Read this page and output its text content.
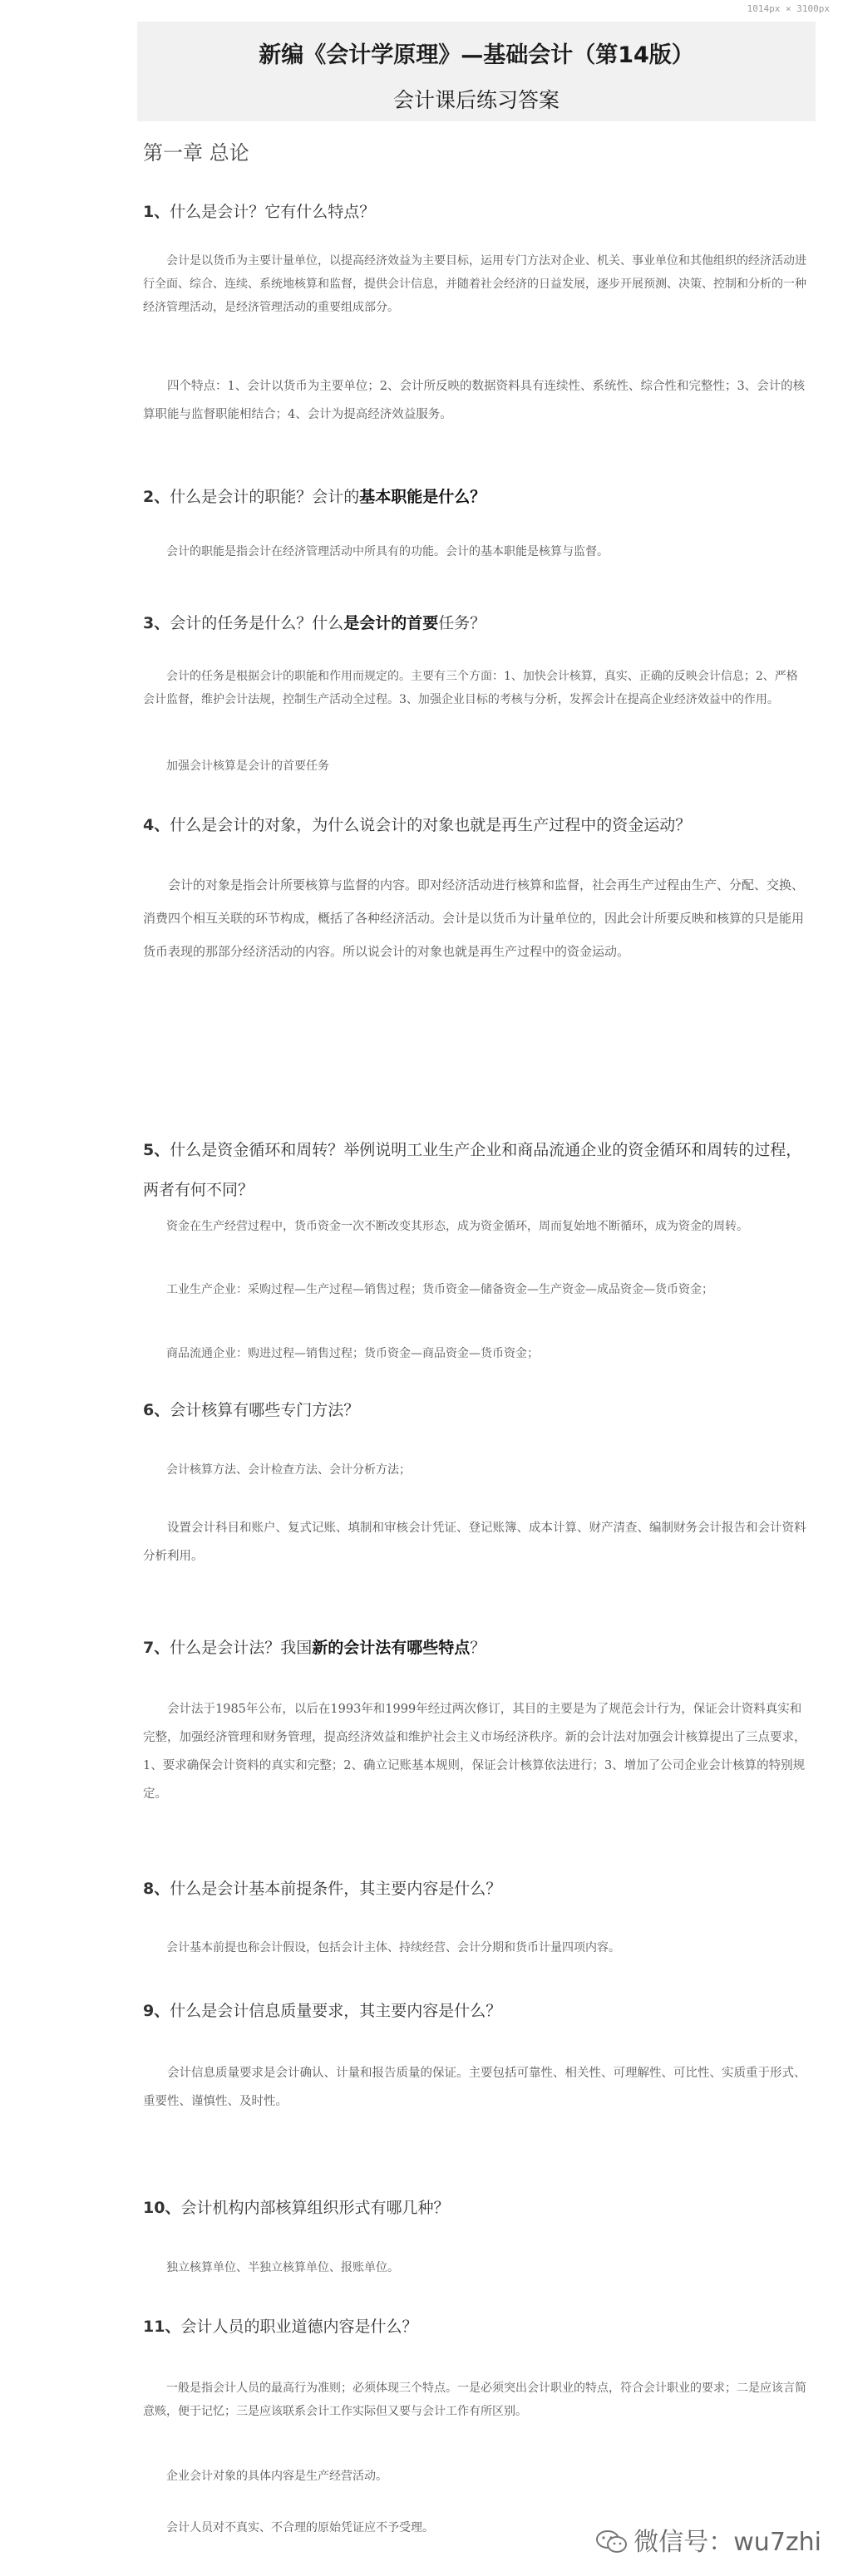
1014px × 3100px
新编《会计学原理》—基础会计（第14版）
会计课后练习答案
第一章 总论
1、什么是会计？它有什么特点？
会计是以货币为主要计量单位，以提高经济效益为主要目标，运用专门方法对企业、机关、事业单位和其他组织的经济活动进行全面、综合、连续、系统地核算和监督，提供会计信息，并随着社会经济的日益发展，逐步开展预测、决策、控制和分析的一种经济管理活动，是经济管理活动的重要组成部分。
四个特点：1、会计以货币为主要单位；2、会计所反映的数据资料具有连续性、系统性、综合性和完整性；3、会计的核算职能与监督职能相结合；4、会计为提高经济效益服务。
2、什么是会计的职能？会计的基本职能是什么？
会计的职能是指会计在经济管理活动中所具有的功能。会计的基本职能是核算与监督。
3、会计的任务是什么？什么是会计的首要任务？
会计的任务是根据会计的职能和作用而规定的。主要有三个方面：1、加快会计核算，真实、正确的反映会计信息；2、严格会计监督，维护会计法规，控制生产活动全过程。3、加强企业目标的考核与分析，发挥会计在提高企业经济效益中的作用。
加强会计核算是会计的首要任务
4、什么是会计的对象，为什么说会计的对象也就是再生产过程中的资金运动？
会计的对象是指会计所要核算与监督的内容。即对经济活动进行核算和监督，社会再生产过程由生产、分配、交换、消费四个相互关联的环节构成，概括了各种经济活动。会计是以货币为计量单位的，因此会计所要反映和核算的只是能用货币表现的那部分经济活动的内容。所以说会计的对象也就是再生产过程中的资金运动。
5、什么是资金循环和周转？举例说明工业生产企业和商品流通企业的资金循环和周转的过程，两者有何不同？
资金在生产经营过程中，货币资金一次不断改变其形态，成为资金循环，周而复始地不断循环，成为资金的周转。
工业生产企业：采购过程—生产过程—销售过程；货币资金—储备资金—生产资金—成品资金—货币资金；
商品流通企业：购进过程—销售过程；货币资金—商品资金—货币资金；
6、会计核算有哪些专门方法？
会计核算方法、会计检查方法、会计分析方法；
设置会计科目和账户、复式记账、填制和审核会计凭证、登记账簿、成本计算、财产清查、编制财务会计报告和会计资料分析利用。
7、什么是会计法？我国新的会计法有哪些特点？
会计法于1985年公布，以后在1993年和1999年经过两次修订，其目的主要是为了规范会计行为，保证会计资料真实和完整，加强经济管理和财务管理，提高经济效益和维护社会主义市场经济秩序。新的会计法对加强会计核算提出了三点要求，1、要求确保会计资料的真实和完整；2、确立记账基本规则，保证会计核算依法进行；3、增加了公司企业会计核算的特别规定。
8、什么是会计基本前提条件，其主要内容是什么？
会计基本前提也称会计假设，包括会计主体、持续经营、会计分期和货币计量四项内容。
9、什么是会计信息质量要求，其主要内容是什么？
会计信息质量要求是会计确认、计量和报告质量的保证。主要包括可靠性、相关性、可理解性、可比性、实质重于形式、重要性、谨慎性、及时性。
10、会计机构内部核算组织形式有哪几种？
独立核算单位、半独立核算单位、报账单位。
11、会计人员的职业道德内容是什么？
一般是指会计人员的最高行为准则；必须体现三个特点。一是必须突出会计职业的特点，符合会计职业的要求；二是应该言简意赅，便于记忆；三是应该联系会计工作实际但又要与会计工作有所区别。
企业会计对象的具体内容是生产经营活动。
会计人员对不真实、不合理的原始凭证应不予受理。	微信号：wu7zhi
